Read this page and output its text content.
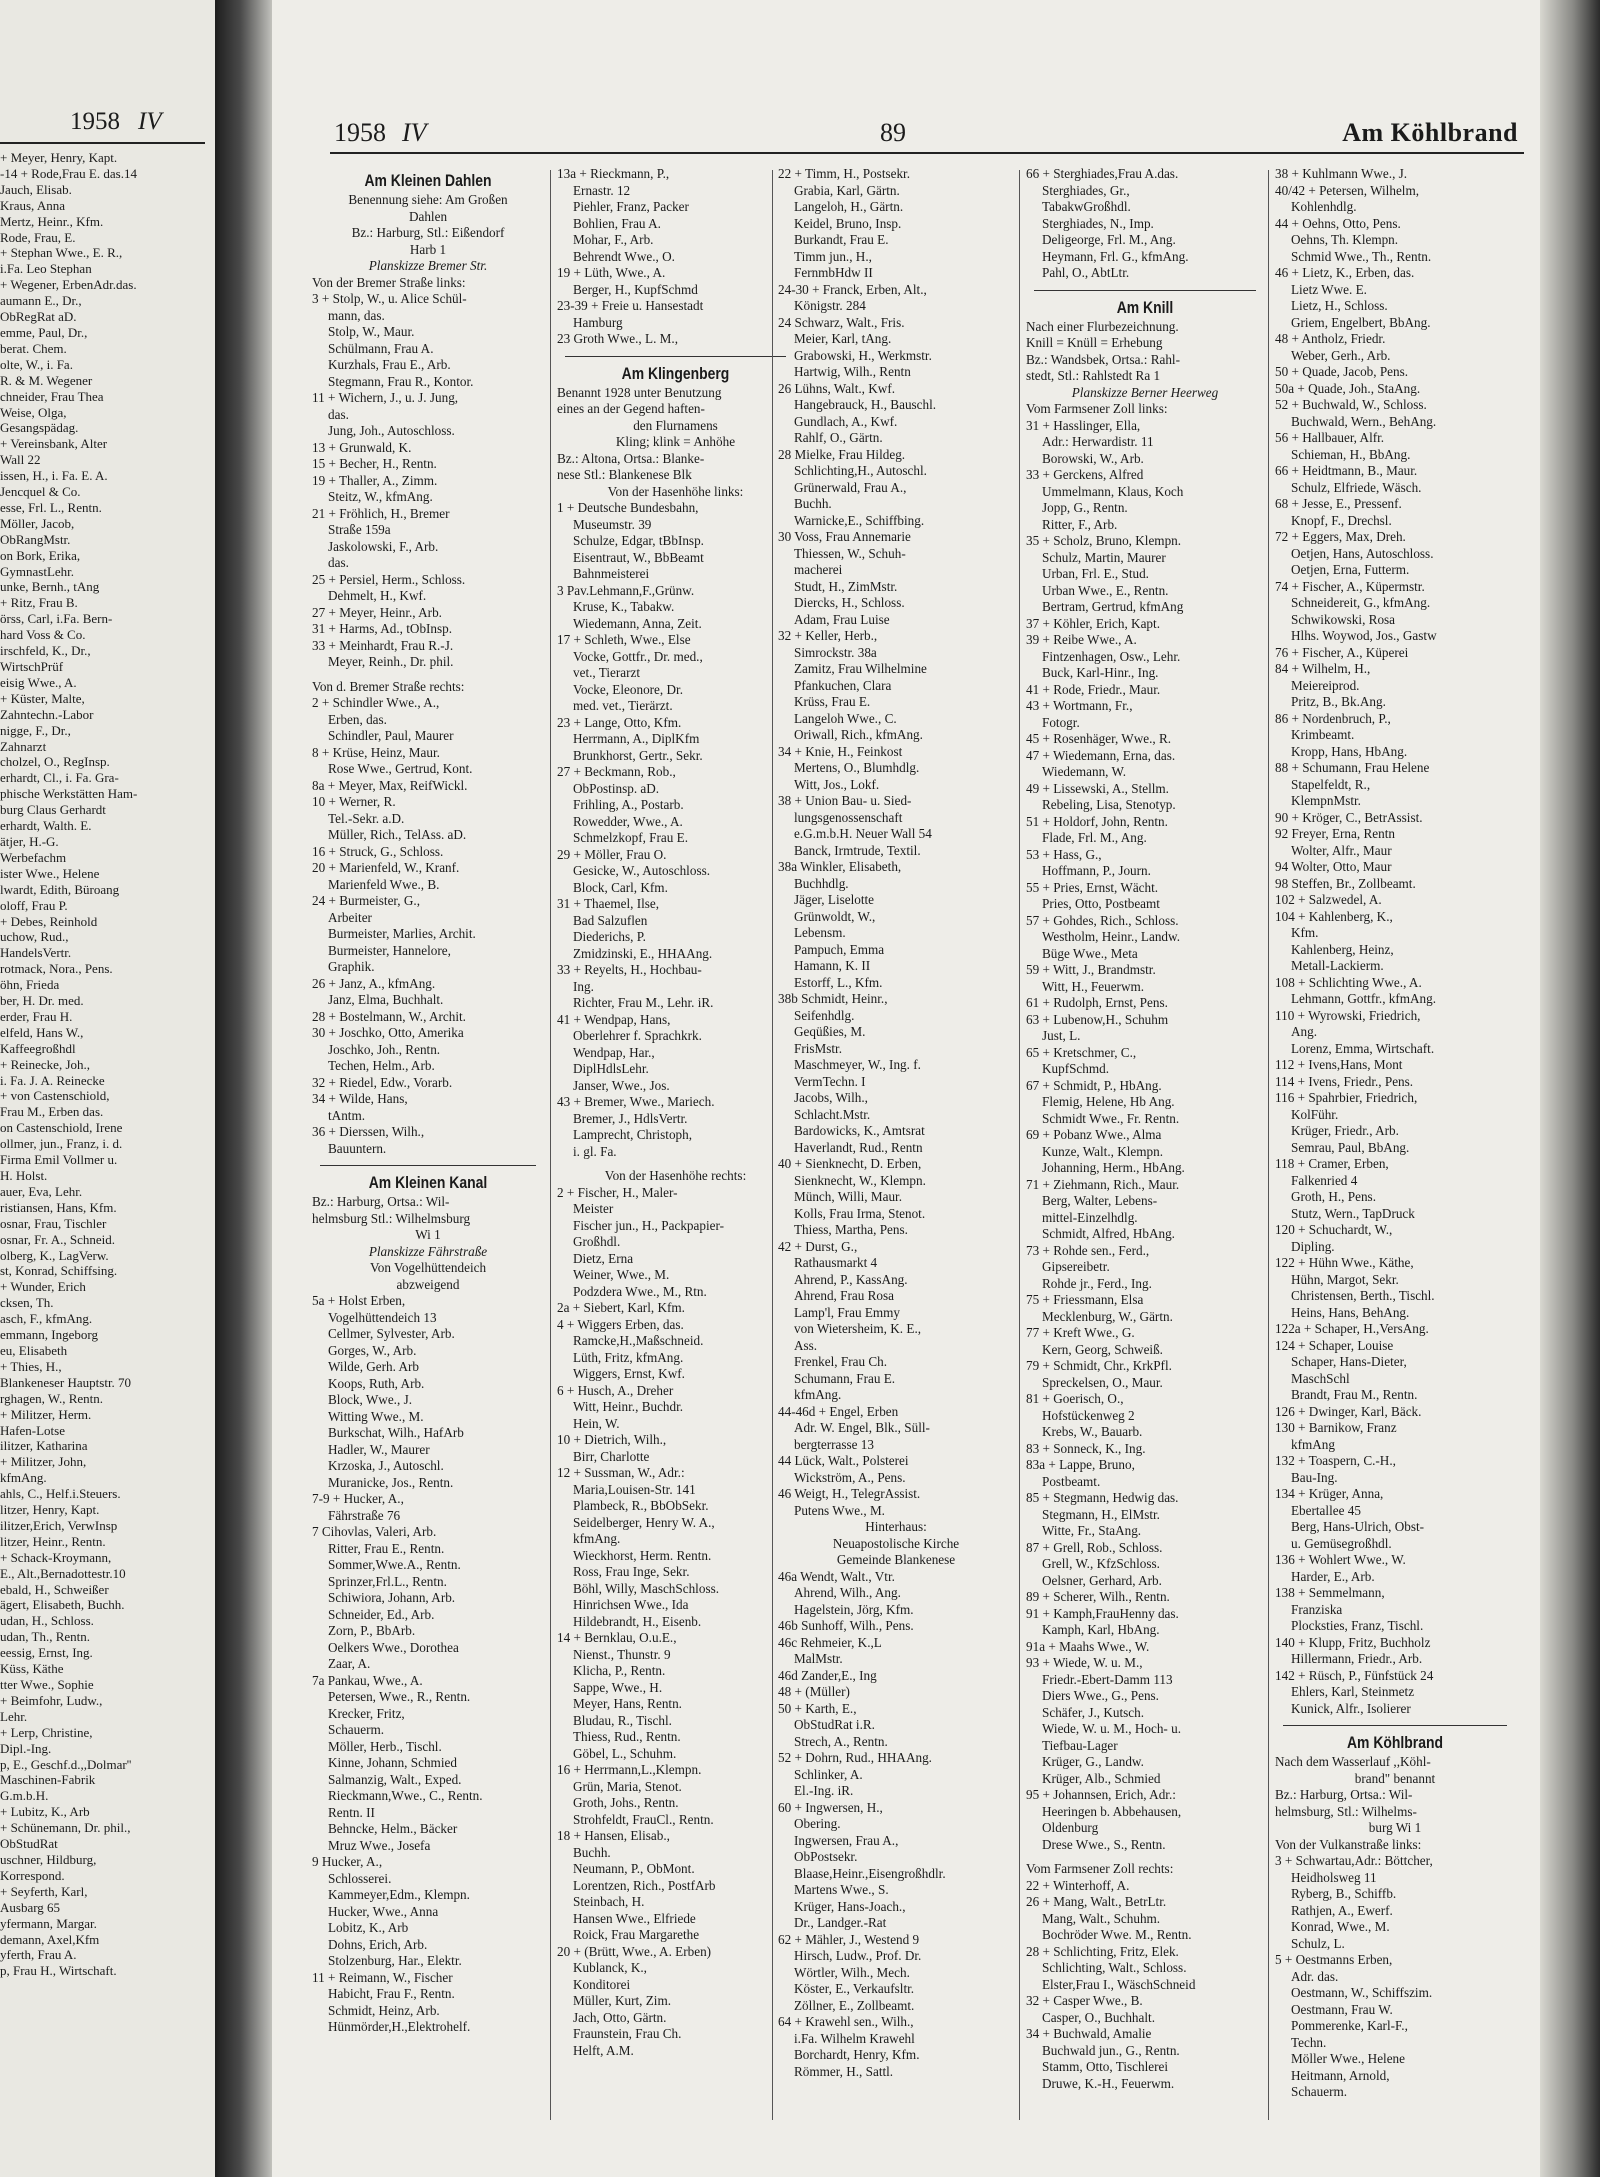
1958 IV
+ Meyer, Henry, Kapt.
-14 + Rode,Frau E. das.14
Jauch, Elisab.
Kraus, Anna
Mertz, Heinr., Kfm.
Rode, Frau, E.
+ Stephan Wwe., E. R.,
i.Fa. Leo Stephan
+ Wegener, ErbenAdr.das.
aumann E., Dr.,
ObRegRat aD.
emme, Paul, Dr.,
berat. Chem.
olte, W., i. Fa.
R. & M. Wegener
chneider, Frau Thea
Weise, Olga,
Gesangspädag.
+ Vereinsbank, Alter
Wall 22
issen, H., i. Fa. E. A.
Jencquel & Co.
esse, Frl. L., Rentn.
Möller, Jacob,
ObRangMstr.
on Bork, Erika,
GymnastLehr.
unke, Bernh., tAng
+ Ritz, Frau B.
örss, Carl, i.Fa. Bern-
hard Voss & Co.
irschfeld, K., Dr.,
WirtschPrüf
eisig Wwe., A.
+ Küster, Malte,
Zahntechn.-Labor
nigge, F., Dr.,
Zahnarzt
cholzel, O., RegInsp.
erhardt, Cl., i. Fa. Gra-
phische Werkstätten Ham-
burg Claus Gerhardt
erhardt, Walth. E.
ätjer, H.-G.
Werbefachm
ister Wwe., Helene
lwardt, Edith, Büroang
oloff, Frau P.
+ Debes, Reinhold
uchow, Rud.,
HandelsVertr.
rotmack, Nora., Pens.
öhn, Frieda
ber, H. Dr. med.
erder, Frau H.
elfeld, Hans W.,
Kaffeegroßhdl
+ Reinecke, Joh.,
i. Fa. J. A. Reinecke
+ von Castenschiold,
Frau M., Erben das.
on Castenschiold, Irene
ollmer, jun., Franz, i. d.
Firma Emil Vollmer u.
H. Holst.
auer, Eva, Lehr.
ristiansen, Hans, Kfm.
osnar, Frau, Tischler
osnar, Fr. A., Schneid.
olberg, K., LagVerw.
st, Konrad, Schiffsing.
+ Wunder, Erich
cksen, Th.
asch, F., kfmAng.
emmann, Ingeborg
eu, Elisabeth
+ Thies, H.,
Blankeneser Hauptstr. 70
rghagen, W., Rentn.
+ Militzer, Herm.
Hafen-Lotse
ilitzer, Katharina
+ Militzer, John,
kfmAng.
ahls, C., Helf.i.Steuers.
litzer, Henry, Kapt.
ilitzer,Erich, VerwInsp
litzer, Heinr., Rentn.
+ Schack-Kroymann,
E., Alt.,Bernadottestr.10
ebald, H., Schweißer
ägert, Elisabeth, Buchh.
udan, H., Schloss.
udan, Th., Rentn.
eessig, Ernst, Ing.
Küss, Käthe
tter Wwe., Sophie
+ Beimfohr, Ludw.,
Lehr.
+ Lerp, Christine,
Dipl.-Ing.
p, E., Geschf.d.,,Dolmar''
Maschinen-Fabrik
G.m.b.H.
+ Lubitz, K., Arb
+ Schünemann, Dr. phil.,
ObStudRat
uschner, Hildburg,
Korrespond.
+ Seyferth, Karl,
Ausbarg 65
yfermann, Margar.
demann, Axel,Kfm
yferth, Frau A.
p, Frau H., Wirtschaft.
1958 IV	89	Am Köhlbrand
Am Kleinen Dahlen
Benennung siehe: Am Großen
Dahlen
Bz.: Harburg, Stl.: Eißendorf
Harb 1
Planskizze Bremer Str.
Von der Bremer Straße links:
3 + Stolp, W., u. Alice Schül-
mann, das.
Stolp, W., Maur.
Schülmann, Frau A.
Kurzhals, Frau E., Arb.
Stegmann, Frau R., Kontor.
11 + Wichern, J., u. J. Jung,
das.
Jung, Joh., Autoschloss.
13 + Grunwald, K.
15 + Becher, H., Rentn.
19 + Thaller, A., Zimm.
Steitz, W., kfmAng.
21 + Fröhlich, H., Bremer
Straße 159a
Jaskolowski, F., Arb.
das.
25 + Persiel, Herm., Schloss.
Dehmelt, H., Kwf.
27 + Meyer, Heinr., Arb.
31 + Harms, Ad., tObInsp.
33 + Meinhardt, Frau R.-J.
Meyer, Reinh., Dr. phil.
Von d. Bremer Straße rechts:
2 + Schindler Wwe., A.,
Erben, das.
Schindler, Paul, Maurer
8 + Krüse, Heinz, Maur.
Rose Wwe., Gertrud, Kont.
8a + Meyer, Max, ReifWickl.
10 + Werner, R.
Tel.-Sekr. a.D.
Müller, Rich., TelAss. aD.
16 + Struck, G., Schloss.
20 + Marienfeld, W., Kranf.
Marienfeld Wwe., B.
24 + Burmeister, G.,
Arbeiter
Burmeister, Marlies, Archit.
Burmeister, Hannelore,
Graphik.
26 + Janz, A., kfmAng.
Janz, Elma, Buchhalt.
28 + Bostelmann, W., Archit.
30 + Joschko, Otto, Amerika
Joschko, Joh., Rentn.
Techen, Helm., Arb.
32 + Riedel, Edw., Vorarb.
34 + Wilde, Hans,
tAntm.
36 + Dierssen, Wilh.,
Bauuntern.
Am Kleinen Kanal
Bz.: Harburg, Ortsa.: Wil-
helmsburg Stl.: Wilhelmsburg
Wi 1
Planskizze Fährstraße
Von Vogelhüttendeich
abzweigend
5a + Holst Erben,
Vogelhüttendeich 13
Cellmer, Sylvester, Arb.
Gorges, W., Arb.
Wilde, Gerh. Arb
Koops, Ruth, Arb.
Block, Wwe., J.
Witting Wwe., M.
Burkschat, Wilh., HafArb
Hadler, W., Maurer
Krzoska, J., Autoschl.
Muranicke, Jos., Rentn.
7-9 + Hucker, A.,
Fährstraße 76
7 Cihovlas, Valeri, Arb.
Ritter, Frau E., Rentn.
Sommer,Wwe.A., Rentn.
Sprinzer,Frl.L., Rentn.
Schiwiora, Johann, Arb.
Schneider, Ed., Arb.
Zorn, P., BbArb.
Oelkers Wwe., Dorothea
Zaar, A.
7a Pankau, Wwe., A.
Petersen, Wwe., R., Rentn.
Krecker, Fritz,
Schauerm.
Möller, Herb., Tischl.
Kinne, Johann, Schmied
Salmanzig, Walt., Exped.
Rieckmann,Wwe., C., Rentn.
Rentn. II
Behncke, Helm., Bäcker
Mruz Wwe., Josefa
9 Hucker, A.,
Schlosserei.
Kammeyer,Edm., Klempn.
Hucker, Wwe., Anna
Lobitz, K., Arb
Dohns, Erich, Arb.
Stolzenburg, Har., Elektr.
11 + Reimann, W., Fischer
Habicht, Frau F., Rentn.
Schmidt, Heinz, Arb.
Hünmörder,H.,Elektrohelf.
13a + Rieckmann, P.,
Ernastr. 12
Piehler, Franz, Packer
Bohlien, Frau A.
Mohar, F., Arb.
Behrendt Wwe., O.
19 + Lüth, Wwe., A.
Berger, H., KupfSchmd
23-39 + Freie u. Hansestadt
Hamburg
23 Groth Wwe., L. M.,
Am Klingenberg
Benannt 1928 unter Benutzung
eines an der Gegend haften-
den Flurnamens
Kling; klink = Anhöhe
Bz.: Altona, Ortsa.: Blanke-
nese Stl.: Blankenese Blk
Von der Hasenhöhe links:
1 + Deutsche Bundesbahn,
Museumstr. 39
Schulze, Edgar, tBbInsp.
Eisentraut, W., BbBeamt
Bahnmeisterei
3 Pav.Lehmann,F.,Grünw.
Kruse, K., Tabakw.
Wiedemann, Anna, Zeit.
17 + Schleth, Wwe., Else
Vocke, Gottfr., Dr. med.,
vet., Tierarzt
Vocke, Eleonore, Dr.
med. vet., Tierärzt.
23 + Lange, Otto, Kfm.
Herrmann, A., DiplKfm
Brunkhorst, Gertr., Sekr.
27 + Beckmann, Rob.,
ObPostinsp. aD.
Frihling, A., Postarb.
Rowedder, Wwe., A.
Schmelzkopf, Frau E.
29 + Möller, Frau O.
Gesicke, W., Autoschloss.
Block, Carl, Kfm.
31 + Thaemel, Ilse,
Bad Salzuflen
Diederichs, P.
Zmidzinski, E., HHAAng.
33 + Reyelts, H., Hochbau-
Ing.
Richter, Frau M., Lehr. iR.
41 + Wendpap, Hans,
Oberlehrer f. Sprachkrk.
Wendpap, Har.,
DiplHdlsLehr.
Janser, Wwe., Jos.
43 + Bremer, Wwe., Mariech.
Bremer, J., HdlsVertr.
Lamprecht, Christoph,
i. gl. Fa.
Von der Hasenhöhe rechts:
2 + Fischer, H., Maler-
Meister
Fischer jun., H., Packpapier-
Großhdl.
Dietz, Erna
Weiner, Wwe., M.
Podzdera Wwe., M., Rtn.
2a + Siebert, Karl, Kfm.
4 + Wiggers Erben, das.
Ramcke,H.,Maßschneid.
Lüth, Fritz, kfmAng.
Wiggers, Ernst, Kwf.
6 + Husch, A., Dreher
Witt, Heinr., Buchdr.
Hein, W.
10 + Dietrich, Wilh.,
Birr, Charlotte
12 + Sussman, W., Adr.:
Maria,Louisen-Str. 141
Plambeck, R., BbObSekr.
Seidelberger, Henry W. A.,
kfmAng.
Wieckhorst, Herm. Rentn.
Ross, Frau Inge, Sekr.
Böhl, Willy, MaschSchloss.
Hinrichsen Wwe., Ida
Hildebrandt, H., Eisenb.
14 + Bernklau, O.u.E.,
Nienst., Thunstr. 9
Klicha, P., Rentn.
Sappe, Wwe., H.
Meyer, Hans, Rentn.
Bludau, R., Tischl.
Thiess, Rud., Rentn.
Göbel, L., Schuhm.
16 + Herrmann,L.,Klempn.
Grün, Maria, Stenot.
Groth, Johs., Rentn.
Strohfeldt, FrauCl., Rentn.
18 + Hansen, Elisab.,
Buchh.
Neumann, P., ObMont.
Lorentzen, Rich., PostfArb
Steinbach, H.
Hansen Wwe., Elfriede
Roick, Frau Margarethe
20 + (Brütt, Wwe., A. Erben)
Kublanck, K.,
Konditorei
Müller, Kurt, Zim.
Jach, Otto, Gärtn.
Fraunstein, Frau Ch.
Helft, A.M.
22 + Timm, H., Postsekr.
Grabia, Karl, Gärtn.
Langeloh, H., Gärtn.
Keidel, Bruno, Insp.
Burkandt, Frau E.
Timm jun., H.,
FernmbHdw II
24-30 + Franck, Erben, Alt.,
Königstr. 284
24 Schwarz, Walt., Fris.
Meier, Karl, tAng.
Grabowski, H., Werkmstr.
Hartwig, Wilh., Rentn
26 Lühns, Walt., Kwf.
Hangebrauck, H., Bauschl.
Gundlach, A., Kwf.
Rahlf, O., Gärtn.
28 Mielke, Frau Hildeg.
Schlichting,H., Autoschl.
Grünerwald, Frau A.,
Buchh.
Warnicke,E., Schiffbing.
30 Voss, Frau Annemarie
Thiessen, W., Schuh-
macherei
Studt, H., ZimMstr.
Diercks, H., Schloss.
Adam, Frau Luise
32 + Keller, Herb.,
Simrockstr. 38a
Zamitz, Frau Wilhelmine
Pfankuchen, Clara
Krüss, Frau E.
Langeloh Wwe., C.
Oriwall, Rich., kfmAng.
34 + Knie, H., Feinkost
Mertens, O., Blumhdlg.
Witt, Jos., Lokf.
38 + Union Bau- u. Sied-
lungsgenossenschaft
e.G.m.b.H. Neuer Wall 54
Banck, Irmtrude, Textil.
38a Winkler, Elisabeth,
Buchhdlg.
Jäger, Liselotte
Grünwoldt, W.,
Lebensm.
Pampuch, Emma
Hamann, K. II
Estorff, L., Kfm.
38b Schmidt, Heinr.,
Seifenhdlg.
Geqüßies, M.
FrisMstr.
Maschmeyer, W., Ing. f.
VermTechn. I
Jacobs, Wilh.,
Schlacht.Mstr.
Bardowicks, K., Amtsrat
Haverlandt, Rud., Rentn
40 + Sienknecht, D. Erben,
Sienknecht, W., Klempn.
Münch, Willi, Maur.
Kolls, Frau Irma, Stenot.
Thiess, Martha, Pens.
42 + Durst, G.,
Rathausmarkt 4
Ahrend, P., KassAng.
Ahrend, Frau Rosa
Lamp'l, Frau Emmy
von Wietersheim, K. E.,
Ass.
Frenkel, Frau Ch.
Schumann, Frau E.
kfmAng.
44-46d + Engel, Erben
Adr. W. Engel, Blk., Süll-
bergterrasse 13
44 Lück, Walt., Polsterei
Wickström, A., Pens.
46 Weigt, H., TelegrAssist.
Putens Wwe., M.
Hinterhaus:
Neuapostolische Kirche
Gemeinde Blankenese
46a Wendt, Walt., Vtr.
Ahrend, Wilh., Ang.
Hagelstein, Jörg, Kfm.
46b Sunhoff, Wilh., Pens.
46c Rehmeier, K.,L
MalMstr.
46d Zander,E., Ing
48 + (Müller)
50 + Karth, E.,
ObStudRat i.R.
Strech, A., Rentn.
52 + Dohrn, Rud., HHAAng.
Schlinker, A.
El.-Ing. iR.
60 + Ingwersen, H.,
Obering.
Ingwersen, Frau A.,
ObPostsekr.
Blaase,Heinr.,Eisengroßhdlr.
Martens Wwe., S.
Krüger, Hans-Joach.,
Dr., Landger.-Rat
62 + Mähler, J., Westend 9
Hirsch, Ludw., Prof. Dr.
Wörtler, Wilh., Mech.
Köster, E., Verkaufsltr.
Zöllner, E., Zollbeamt.
64 + Krawehl sen., Wilh.,
i.Fa. Wilhelm Krawehl
Borchardt, Henry, Kfm.
Römmer, H., Sattl.
66 + Sterghiades,Frau A.das.
Sterghiades, Gr.,
TabakwGroßhdl.
Sterghiades, N., Imp.
Deligeorge, Frl. M., Ang.
Heymann, Frl. G., kfmAng.
Pahl, O., AbtLtr.
Am Knill
Nach einer Flurbezeichnung.
Knill = Knüll = Erhebung
Bz.: Wandsbek, Ortsa.: Rahl-
stedt, Stl.: Rahlstedt Ra 1
Planskizze Berner Heerweg
Vom Farmsener Zoll links:
31 + Hasslinger, Ella,
Adr.: Herwardistr. 11
Borowski, W., Arb.
33 + Gerckens, Alfred
Ummelmann, Klaus, Koch
Jopp, G., Rentn.
Ritter, F., Arb.
35 + Scholz, Bruno, Klempn.
Schulz, Martin, Maurer
Urban, Frl. E., Stud.
Urban Wwe., E., Rentn.
Bertram, Gertrud, kfmAng
37 + Köhler, Erich, Kapt.
39 + Reibe Wwe., A.
Fintzenhagen, Osw., Lehr.
Buck, Karl-Hinr., Ing.
41 + Rode, Friedr., Maur.
43 + Wortmann, Fr.,
Fotogr.
45 + Rosenhäger, Wwe., R.
47 + Wiedemann, Erna, das.
Wiedemann, W.
49 + Lissewski, A., Stellm.
Rebeling, Lisa, Stenotyp.
51 + Holdorf, John, Rentn.
Flade, Frl. M., Ang.
53 + Hass, G.,
Hoffmann, P., Journ.
55 + Pries, Ernst, Wächt.
Pries, Otto, Postbeamt
57 + Gohdes, Rich., Schloss.
Westholm, Heinr., Landw.
Büge Wwe., Meta
59 + Witt, J., Brandmstr.
Witt, H., Feuerwm.
61 + Rudolph, Ernst, Pens.
63 + Lubenow,H., Schuhm
Just, L.
65 + Kretschmer, C.,
KupfSchmd.
67 + Schmidt, P., HbAng.
Flemig, Helene, Hb Ang.
Schmidt Wwe., Fr. Rentn.
69 + Pobanz Wwe., Alma
Kunze, Walt., Klempn.
Johanning, Herm., HbAng.
71 + Ziehmann, Rich., Maur.
Berg, Walter, Lebens-
mittel-Einzelhdlg.
Schmidt, Alfred, HbAng.
73 + Rohde sen., Ferd.,
Gipsereibetr.
Rohde jr., Ferd., Ing.
75 + Friessmann, Elsa
Mecklenburg, W., Gärtn.
77 + Kreft Wwe., G.
Kern, Georg, Schweiß.
79 + Schmidt, Chr., KrkPfl.
Spreckelsen, O., Maur.
81 + Goerisch, O.,
Hofstückenweg 2
Krebs, W., Bauarb.
83 + Sonneck, K., Ing.
83a + Lappe, Bruno,
Postbeamt.
85 + Stegmann, Hedwig das.
Stegmann, H., ElMstr.
Witte, Fr., StaAng.
87 + Grell, Rob., Schloss.
Grell, W., KfzSchloss.
Oelsner, Gerhard, Arb.
89 + Scherer, Wilh., Rentn.
91 + Kamph,FrauHenny das.
Kamph, Karl, HbAng.
91a + Maahs Wwe., W.
93 + Wiede, W. u. M.,
Friedr.-Ebert-Damm 113
Diers Wwe., G., Pens.
Schäfer, J., Kutsch.
Wiede, W. u. M., Hoch- u.
Tiefbau-Lager
Krüger, G., Landw.
Krüger, Alb., Schmied
95 + Johannsen, Erich, Adr.:
Heeringen b. Abbehausen,
Oldenburg
Drese Wwe., S., Rentn.
Vom Farmsener Zoll rechts:
22 + Winterhoff, A.
26 + Mang, Walt., BetrLtr.
Mang, Walt., Schuhm.
Bochröder Wwe. M., Rentn.
28 + Schlichting, Fritz, Elek.
Schlichting, Walt., Schloss.
Elster,Frau I., WäschSchneid
32 + Casper Wwe., B.
Casper, O., Buchhalt.
34 + Buchwald, Amalie
Buchwald jun., G., Rentn.
Stamm, Otto, Tischlerei
Druwe, K.-H., Feuerwm.
38 + Kuhlmann Wwe., J.
40/42 + Petersen, Wilhelm,
Kohlenhdlg.
44 + Oehns, Otto, Pens.
Oehns, Th. Klempn.
Schmid Wwe., Th., Rentn.
46 + Lietz, K., Erben, das.
Lietz Wwe. E.
Lietz, H., Schloss.
Griem, Engelbert, BbAng.
48 + Antholz, Friedr.
Weber, Gerh., Arb.
50 + Quade, Jacob, Pens.
50a + Quade, Joh., StaAng.
52 + Buchwald, W., Schloss.
Buchwald, Wern., BehAng.
56 + Hallbauer, Alfr.
Schieman, H., BbAng.
66 + Heidtmann, B., Maur.
Schulz, Elfriede, Wäsch.
68 + Jesse, E., Pressenf.
Knopf, F., Drechsl.
72 + Eggers, Max, Dreh.
Oetjen, Hans, Autoschloss.
Oetjen, Erna, Futterm.
74 + Fischer, A., Küpermstr.
Schneidereit, G., kfmAng.
Schwikowski, Rosa
Hlhs. Woywod, Jos., Gastw
76 + Fischer, A., Küperei
84 + Wilhelm, H.,
Meiereiprod.
Pritz, B., Bk.Ang.
86 + Nordenbruch, P.,
Krimbeamt.
Kropp, Hans, HbAng.
88 + Schumann, Frau Helene
Stapelfeldt, R.,
KlempnMstr.
90 + Kröger, C., BetrAssist.
92 Freyer, Erna, Rentn
Wolter, Alfr., Maur
94 Wolter, Otto, Maur
98 Steffen, Br., Zollbeamt.
102 + Salzwedel, A.
104 + Kahlenberg, K.,
Kfm.
Kahlenberg, Heinz,
Metall-Lackierm.
108 + Schlichting Wwe., A.
Lehmann, Gottfr., kfmAng.
110 + Wyrowski, Friedrich,
Ang.
Lorenz, Emma, Wirtschaft.
112 + Ivens,Hans, Mont
114 + Ivens, Friedr., Pens.
116 + Spahrbier, Friedrich,
KolFühr.
Krüger, Friedr., Arb.
Semrau, Paul, BbAng.
118 + Cramer, Erben,
Falkenried 4
Groth, H., Pens.
Stutz, Wern., TapDruck
120 + Schuchardt, W.,
Dipling.
122 + Hühn Wwe., Käthe,
Hühn, Margot, Sekr.
Christensen, Berth., Tischl.
Heins, Hans, BehAng.
122a + Schaper, H.,VersAng.
124 + Schaper, Louise
Schaper, Hans-Dieter,
MaschSchl
Brandt, Frau M., Rentn.
126 + Dwinger, Karl, Bäck.
130 + Barnikow, Franz
kfmAng
132 + Toaspern, C.-H.,
Bau-Ing.
134 + Krüger, Anna,
Ebertallee 45
Berg, Hans-Ulrich, Obst-
u. Gemüsegroßhdl.
136 + Wohlert Wwe., W.
Harder, E., Arb.
138 + Semmelmann,
Franziska
Plocksties, Franz, Tischl.
140 + Klupp, Fritz, Buchholz
Hillermann, Friedr., Arb.
142 + Rüsch, P., Fünfstück 24
Ehlers, Karl, Steinmetz
Kunick, Alfr., Isolierer
Am Köhlbrand
Nach dem Wasserlauf ,,Köhl-
brand" benannt
Bz.: Harburg, Ortsa.: Wil-
helmsburg, Stl.: Wilhelms-
burg Wi 1
Von der Vulkanstraße links:
3 + Schwartau,Adr.: Böttcher,
Heidholsweg 11
Ryberg, B., Schiffb.
Rathjen, A., Ewerf.
Konrad, Wwe., M.
Schulz, L.
5 + Oestmanns Erben,
Adr. das.
Oestmann, W., Schiffszim.
Oestmann, Frau W.
Pommerenke, Karl-F.,
Techn.
Möller Wwe., Helene
Heitmann, Arnold,
Schauerm.
